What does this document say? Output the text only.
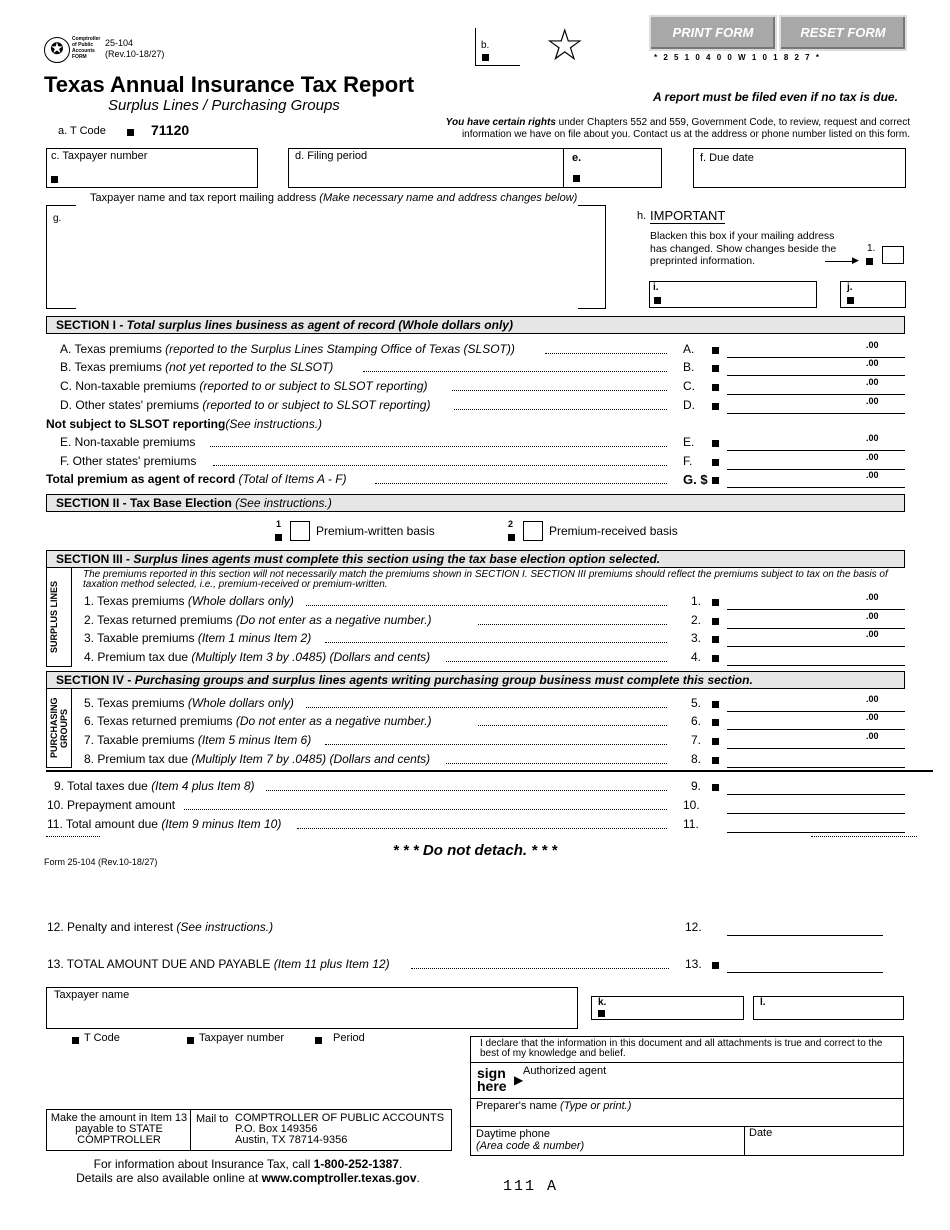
✪
Comptroller of Public Accounts FORM
25-104
(Rev.10-18/27)
b. ☆	PRINT FORM	RESET FORM
* 2 5 1 0 4 0 0 W 1 0 1 8 2 7 *
Texas Annual Insurance Tax Report
Surplus Lines / Purchasing Groups	A report must be filed even if no tax is due.
You have certain rights under Chapters 552 and 559, Government Code, to review, request and correct information we have on file about you. Contact us at the address or phone number listed on this form.
a. T Code	71120
c. Taxpayer number	d. Filing period	e.	f. Due date
Taxpayer name and tax report mailing address (Make necessary name and address changes below)
g.	h. IMPORTANT
Blacken this box if your mailing address has changed. Show changes beside the preprinted information.	▶
1.
i.	j.
SECTION I - Total surplus lines business as agent of record (Whole dollars only)
A. Texas premiums (reported to the Surplus Lines Stamping Office of Texas (SLSOT))	A.	.00
B. Texas premiums (not yet reported to the SLSOT)	B.	.00
C. Non-taxable premiums (reported to or subject to SLSOT reporting)	C.	.00
D. Other states' premiums (reported to or subject to SLSOT reporting)	D.	.00
Not subject to SLSOT reporting(See instructions.)
E. Non-taxable premiums	E.	.00
F. Other states' premiums	F.	.00
Total premium as agent of record (Total of Items A - F)	G. $	.00
SECTION II - Tax Base Election (See instructions.)
1	Premium-written basis	2	Premium-received basis
SECTION III - Surplus lines agents must complete this section using the tax base election option selected.
SURPLUS LINES
The premiums reported in this section will not necessarily match the premiums shown in SECTION I. SECTION III premiums should reflect the premiums subject to tax on the basis of taxation method selected, i.e., premium-received or premium-written.
1. Texas premiums (Whole dollars only)	1.	.00
2. Texas returned premiums (Do not enter as a negative number.)	2.	.00
3. Taxable premiums (Item 1 minus Item 2)	3.	.00
4. Premium tax due (Multiply Item 3 by .0485) (Dollars and cents)	4.
SECTION IV - Purchasing groups and surplus lines agents writing purchasing group business must complete this section.
PURCHASING GROUPS
5. Texas premiums (Whole dollars only)	5.	.00
6. Texas returned premiums (Do not enter as a negative number.)	6.	.00
7. Taxable premiums (Item 5 minus Item 6)	7.	.00
8. Premium tax due (Multiply Item 7 by .0485) (Dollars and cents)	8.
9. Total taxes due (Item 4 plus Item 8)	9.
10. Prepayment amount	10.
11. Total amount due (Item 9 minus Item 10)	11.
* * * Do not detach. * * *
Form 25-104 (Rev.10-18/27)
12. Penalty and interest (See instructions.)	12.
13. TOTAL AMOUNT DUE AND PAYABLE (Item 11 plus Item 12)	13.
Taxpayer name
k.	l.
T Code	Taxpayer number	Period	I declare that the information in this document and all attachments is true and correct to the best of my knowledge and belief.
sign
here ▶
Authorized agent
Preparer's name (Type or print.)
Daytime phone
(Area code & number)
Date
Make the amount in Item 13 payable to STATE COMPTROLLER
Mail to COMPTROLLER OF PUBLIC ACCOUNTS
P.O. Box 149356
Austin, TX 78714-9356
For information about Insurance Tax, call 1-800-252-1387.
Details are also available online at www.comptroller.texas.gov.	111 A
